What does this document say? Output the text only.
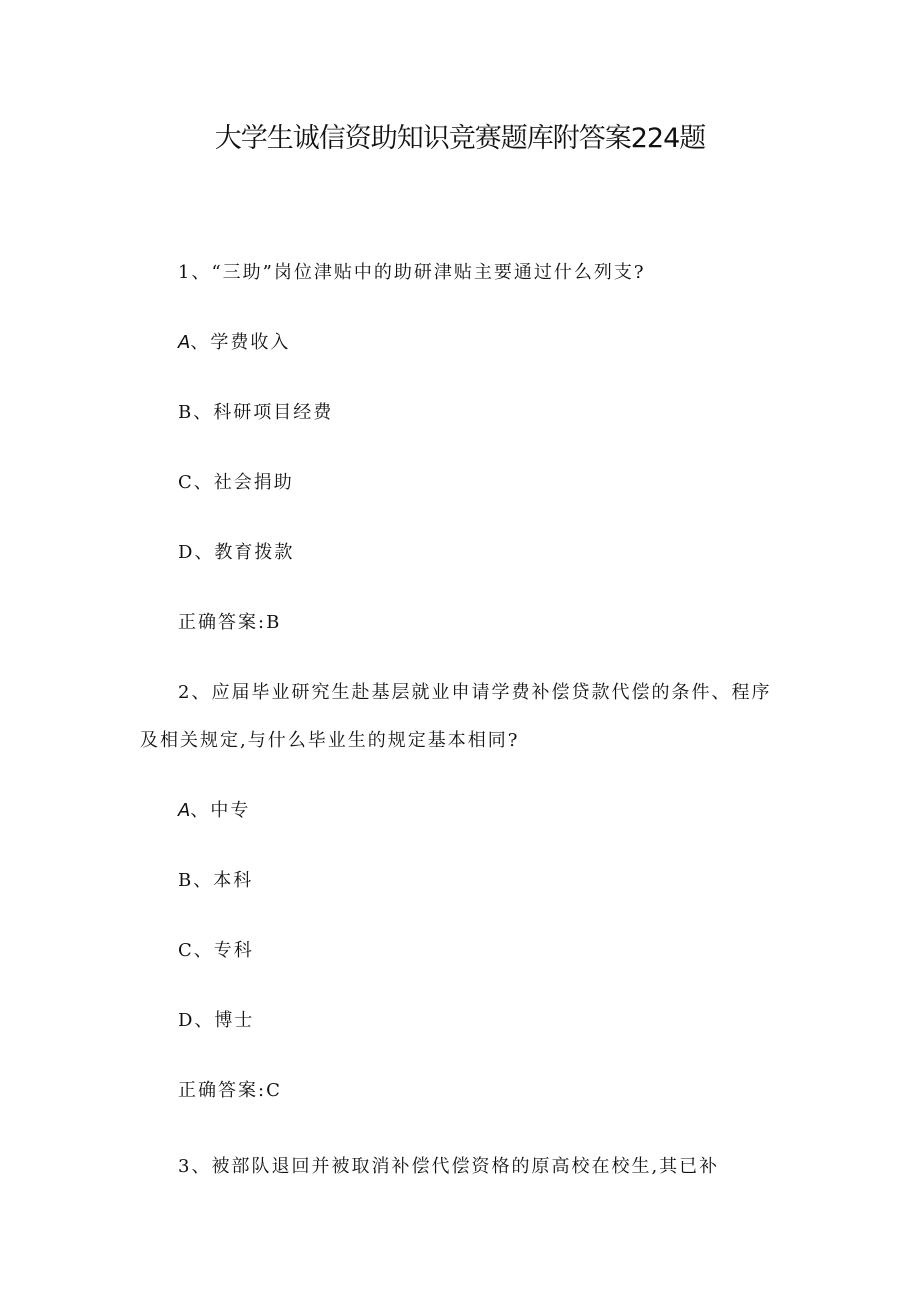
大学生诚信资助知识竞赛题库附答案224题
1、“三助”岗位津贴中的助研津贴主要通过什么列支?
A、学费收入
B、科研项目经费
C、社会捐助
D、教育拨款
正确答案:B
2、应届毕业研究生赴基层就业申请学费补偿贷款代偿的条件、程序
及相关规定,与什么毕业生的规定基本相同?
A、中专
B、本科
C、专科
D、博士
正确答案:C
3、被部队退回并被取消补偿代偿资格的原高校在校生,其已补
